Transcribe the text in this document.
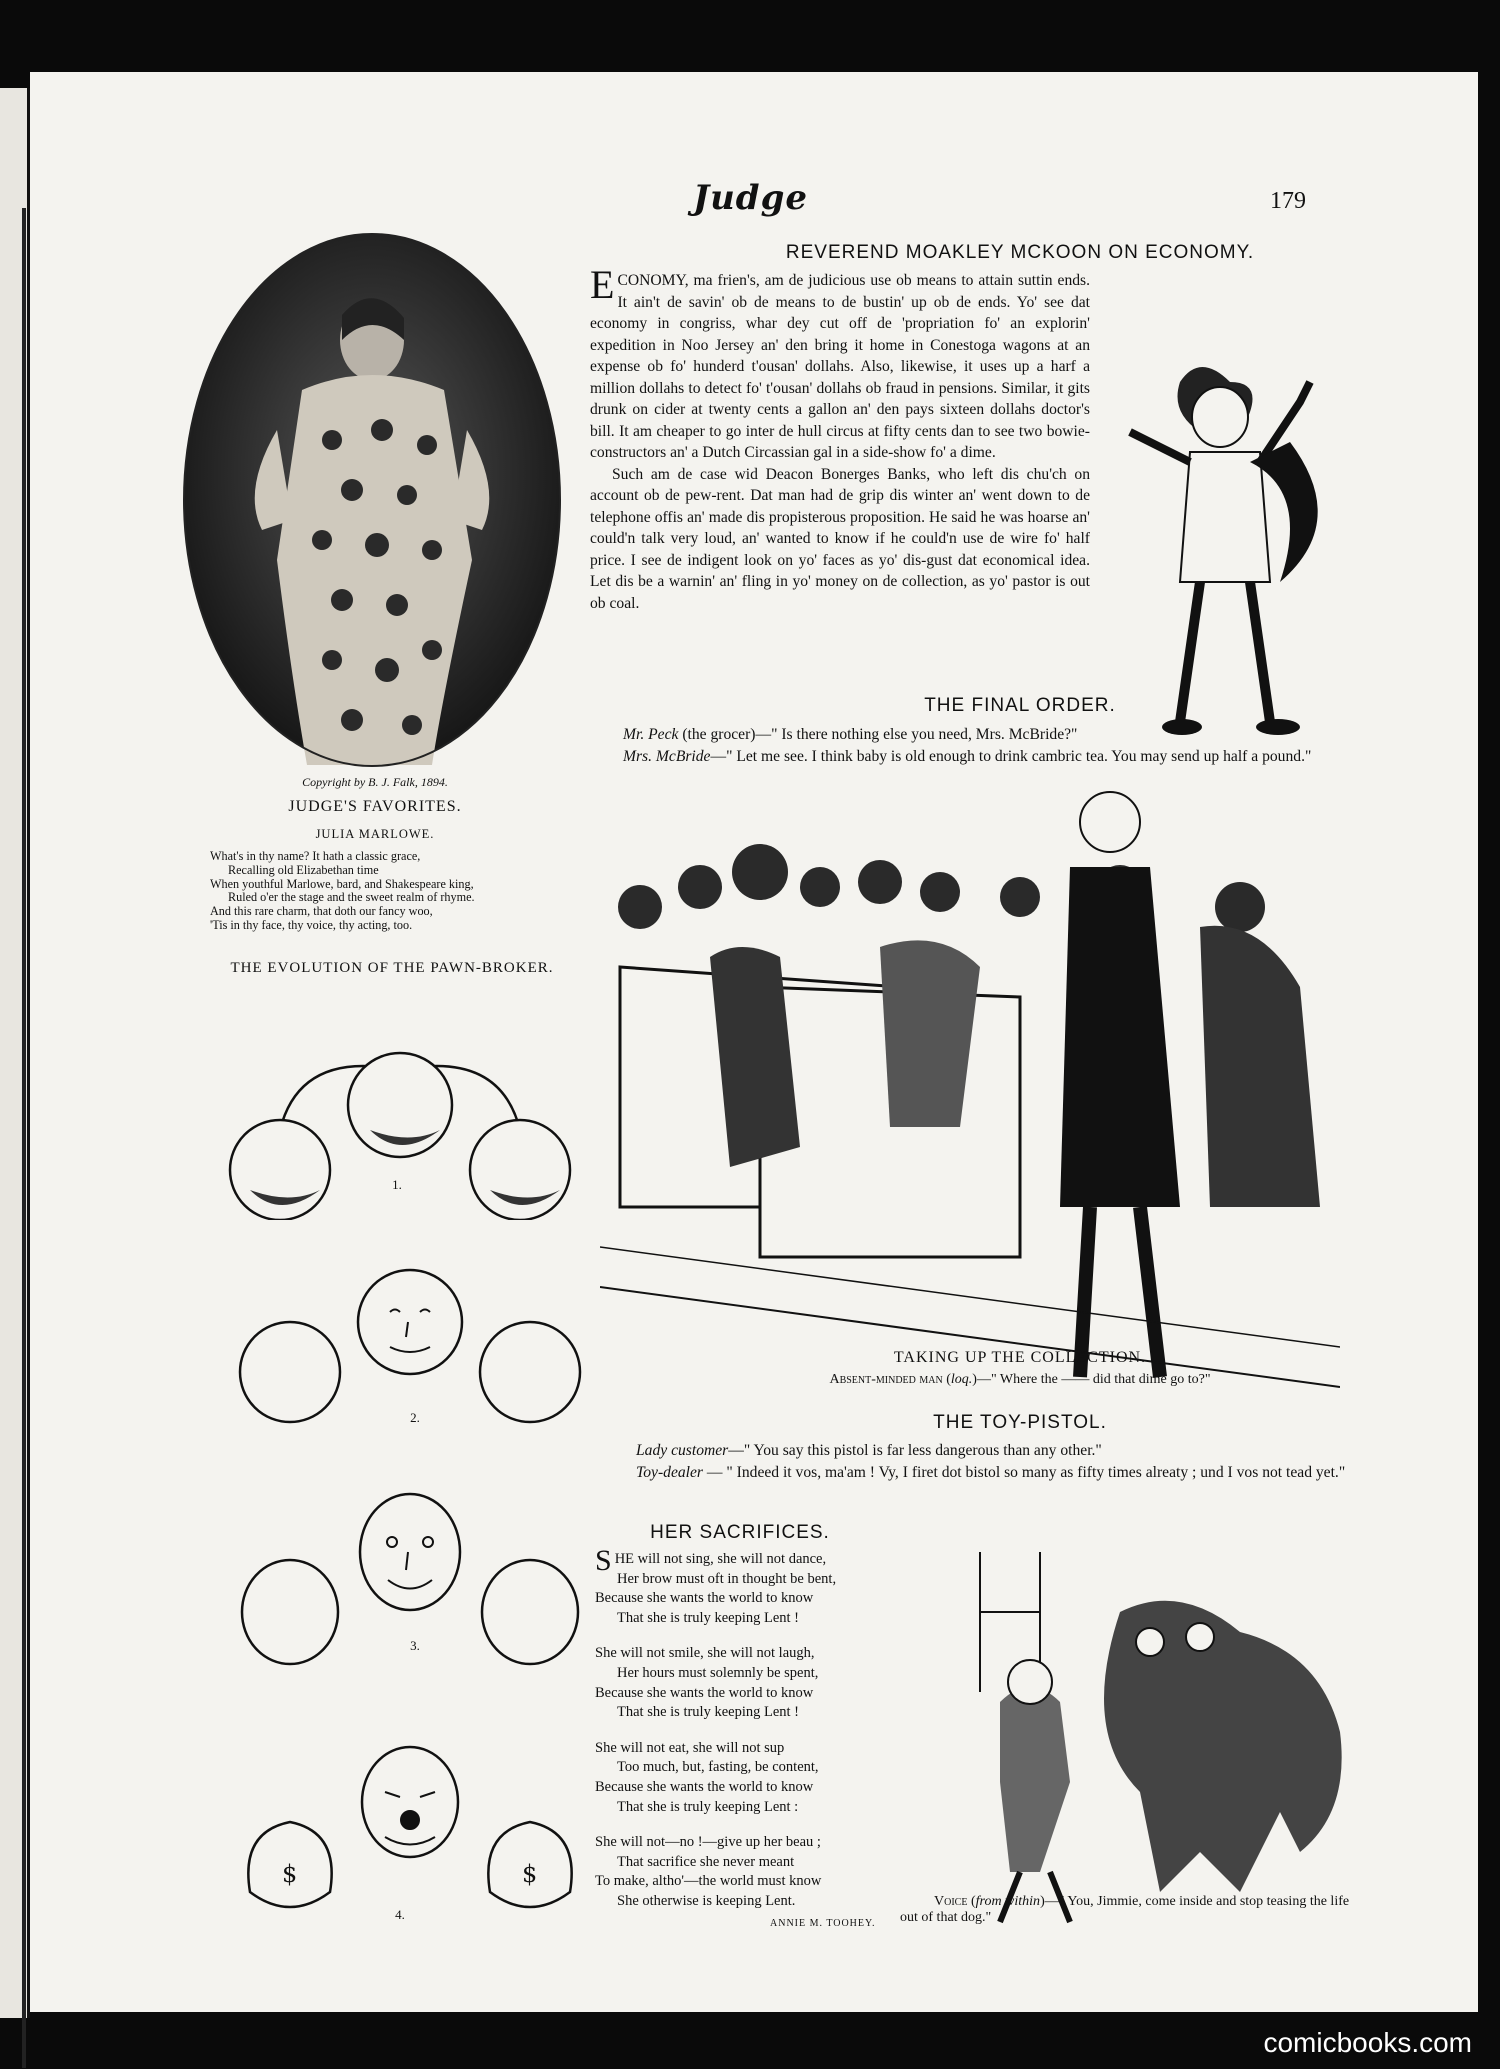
Judge	179
Copyright by B. J. Falk, 1894.
JUDGE'S FAVORITES.
JULIA MARLOWE.
What's in thy name? It hath a classic grace,
Recalling old Elizabethan time
When youthful Marlowe, bard, and Shakespeare king,
Ruled o'er the stage and the sweet realm of rhyme.
And this rare charm, that doth our fancy woo,
'Tis in thy face, thy voice, thy acting, too.
THE EVOLUTION OF THE PAWN-BROKER.
1.
2.
3.
$	$
4.
REVEREND MOAKLEY MCKOON ON ECONOMY.

ECONOMY, ma frien's, am de judicious use ob means to attain suttin ends. It ain't de savin' ob de means to de bustin' up ob de ends. Yo' see dat economy in congriss, whar dey cut off de 'propriation fo' an explorin' expedition in Noo Jersey an' den bring it home in Conestoga wagons at an expense ob fo' hunderd t'ousan' dollahs. Also, likewise, it uses up a harf a million dollahs to detect fo' t'ousan' dollahs ob fraud in pensions. Similar, it gits drunk on cider at twenty cents a gallon an' den pays sixteen dollahs doctor's bill. It am cheaper to go inter de hull circus at fifty cents dan to see two bowie-constructors an' a Dutch Circassian gal in a side-show fo' a dime.

Such am de case wid Deacon Bonerges Banks, who left dis chu'ch on account ob de pew-rent. Dat man had de grip dis winter an' went down to de telephone offis an' made dis propisterous proposition. He said he was hoarse an' could'n talk very loud, an' wanted to know if he could'n use de wire fo' half price. I see de indigent look on yo' faces as yo' dis-gust dat economical idea. Let dis be a warnin' an' fling in yo' money on de collection, as yo' pastor is out ob coal.

THE FINAL ORDER.

Mr. Peck (the grocer)—" Is there nothing else you need, Mrs. McBride?"

Mrs. McBride—" Let me see. I think baby is old enough to drink cambric tea. You may send up half a pound."

TAKING UP THE COLLECTION.
Absent-minded man (loq.)—" Where the —— did that dime go to?"
THE TOY-PISTOL.

Lady customer—" You say this pistol is far less dangerous than any other."

Toy-dealer — " Indeed it vos, ma'am ! Vy, I firet dot bistol so many as fifty times alreaty ; und I vos not tead yet."

HER SACRIFICES.
SHE will not sing, she will not dance,
Her brow must oft in thought be bent,
Because she wants the world to know
That she is truly keeping Lent !
She will not smile, she will not laugh,
Her hours must solemnly be spent,
Because she wants the world to know
That she is truly keeping Lent !
She will not eat, she will not sup
Too much, but, fasting, be content,
Because she wants the world to know
That she is truly keeping Lent :
She will not—no !—give up her beau ;
That sacrifice she never meant
To make, altho'—the world must know
She otherwise is keeping Lent.
ANNIE M. TOOHEY.
Voice (from within)—" You, Jimmie, come inside and stop teasing the life out of that dog."
comicbooks.com
